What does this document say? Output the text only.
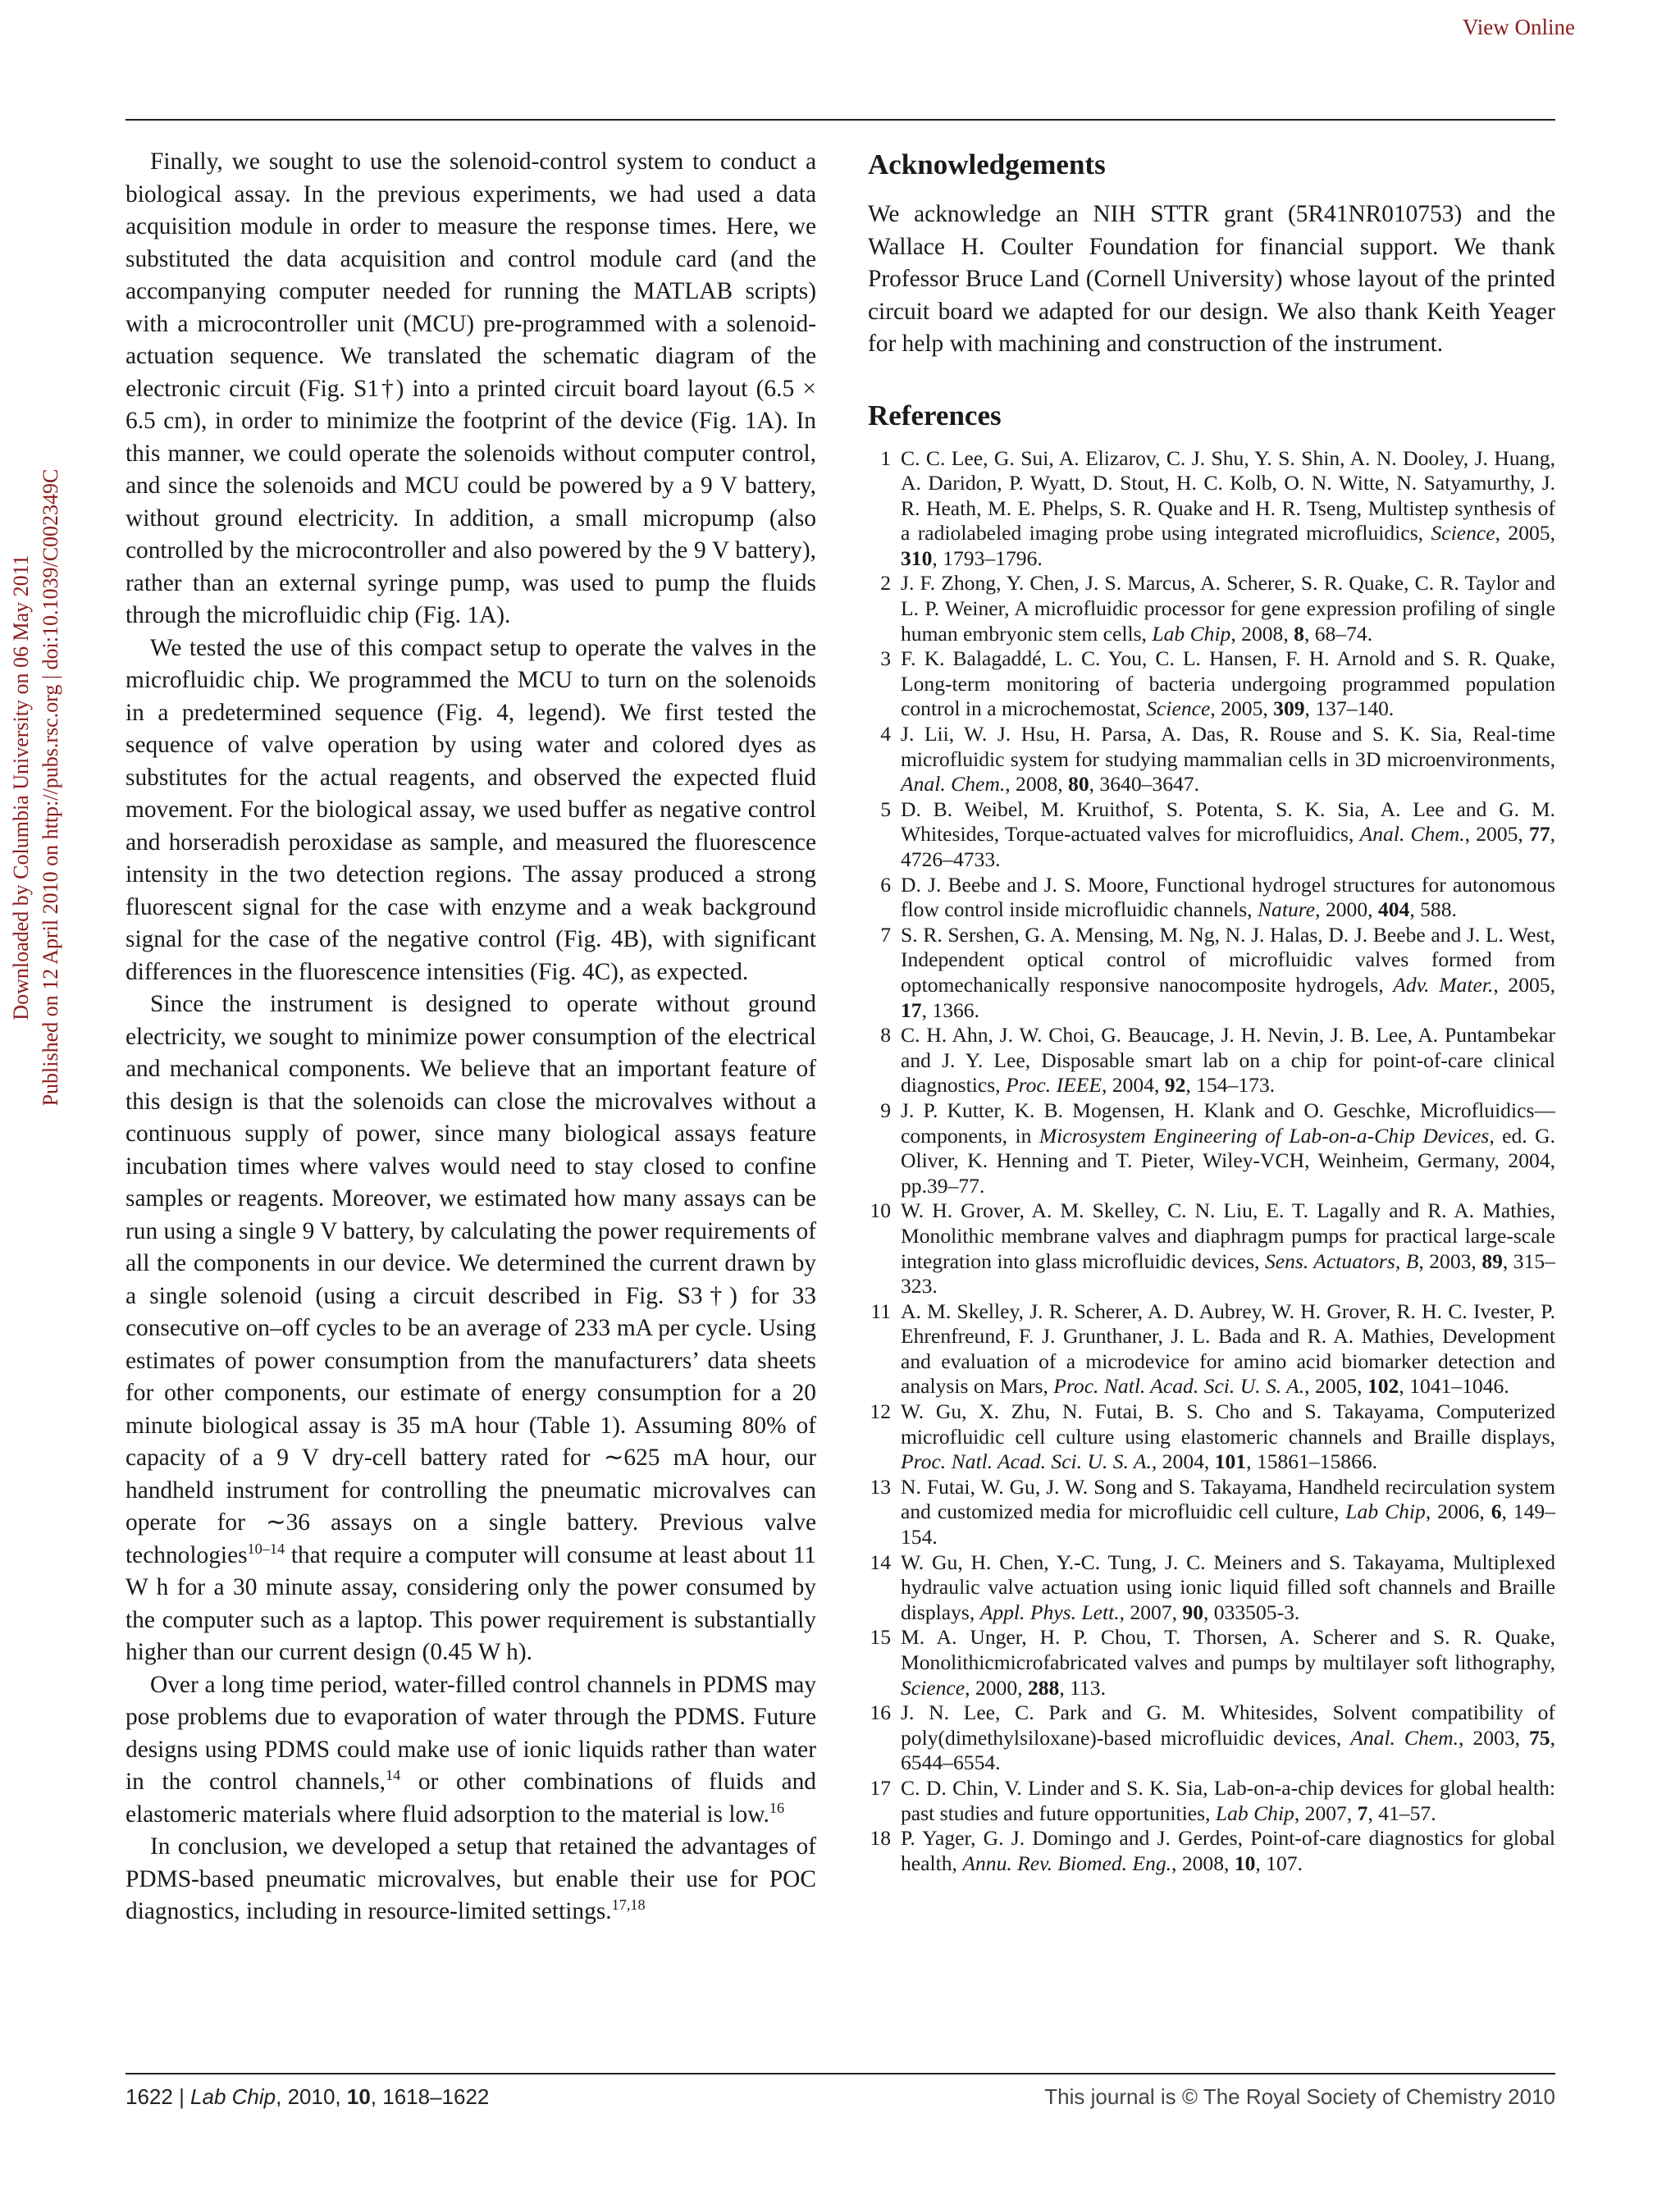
View Online
Downloaded by Columbia University on 06 May 2011 Published on 12 April 2010 on http://pubs.rsc.org | doi:10.1039/C002349C

Finally, we sought to use the solenoid-control system to conduct a biological assay. In the previous experiments, we had used a data acquisition module in order to measure the response times. Here, we substituted the data acquisition and control module card (and the accompanying computer needed for running the MATLAB scripts) with a microcontroller unit (MCU) pre-programmed with a solenoid-actuation sequence. We translated the schematic diagram of the electronic circuit (Fig. S1†) into a printed circuit board layout (6.5 × 6.5 cm), in order to minimize the footprint of the device (Fig. 1A). In this manner, we could operate the solenoids without computer control, and since the solenoids and MCU could be powered by a 9 V battery, without ground electricity. In addition, a small micropump (also controlled by the microcontroller and also powered by the 9 V battery), rather than an external syringe pump, was used to pump the fluids through the microfluidic chip (Fig. 1A).

We tested the use of this compact setup to operate the valves in the microfluidic chip. We programmed the MCU to turn on the solenoids in a predetermined sequence (Fig. 4, legend). We first tested the sequence of valve operation by using water and colored dyes as substitutes for the actual reagents, and observed the expected fluid movement. For the biological assay, we used buffer as negative control and horseradish peroxidase as sample, and measured the fluorescence intensity in the two detection regions. The assay produced a strong fluorescent signal for the case with enzyme and a weak background signal for the case of the negative control (Fig. 4B), with significant differences in the fluorescence intensities (Fig. 4C), as expected.

Since the instrument is designed to operate without ground electricity, we sought to minimize power consumption of the electrical and mechanical components. We believe that an important feature of this design is that the solenoids can close the microvalves without a continuous supply of power, since many biological assays feature incubation times where valves would need to stay closed to confine samples or reagents. Moreover, we estimated how many assays can be run using a single 9 V battery, by calculating the power requirements of all the components in our device. We determined the current drawn by a single solenoid (using a circuit described in Fig. S3†) for 33 consecutive on–off cycles to be an average of 233 mA per cycle. Using estimates of power consumption from the manufacturers’ data sheets for other components, our estimate of energy consumption for a 20 minute biological assay is 35 mA hour (Table 1). Assuming 80% of capacity of a 9 V dry-cell battery rated for ∼625 mA hour, our handheld instrument for controlling the pneumatic microvalves can operate for ∼36 assays on a single battery. Previous valve technologies$^{10-14}$ that require a computer will consume at least about 11 W h for a 30 minute assay, considering only the power consumed by the computer such as a laptop. This power requirement is substantially higher than our current design (0.45 W h).

Over a long time period, water-filled control channels in PDMS may pose problems due to evaporation of water through the PDMS. Future designs using PDMS could make use of ionic liquids rather than water in the control channels,$^{14}$ or other combinations of fluids and elastomeric materials where fluid adsorption to the material is low.$^{16}$

In conclusion, we developed a setup that retained the advantages of PDMS-based pneumatic microvalves, but enable their use for POC diagnostics, including in resource-limited settings.$^{17,18}$

Acknowledgements

We acknowledge an NIH STTR grant (5R41NR010753) and the Wallace H. Coulter Foundation for financial support. We thank Professor Bruce Land (Cornell University) whose layout of the printed circuit board we adapted for our design. We also thank Keith Yeager for help with machining and construction of the instrument.

References
1 C. C. Lee, G. Sui, A. Elizarov, C. J. Shu, Y. S. Shin, A. N. Dooley, J. Huang, A. Daridon, P. Wyatt, D. Stout, H. C. Kolb, O. N. Witte, N. Satyamurthy, J. R. Heath, M. E. Phelps, S. R. Quake and H. R. Tseng, Multistep synthesis of a radiolabeled imaging probe using integrated microfluidics, Science, 2005, 310, 1793–1796.
2 J. F. Zhong, Y. Chen, J. S. Marcus, A. Scherer, S. R. Quake, C. R. Taylor and L. P. Weiner, A microfluidic processor for gene expression profiling of single human embryonic stem cells, Lab Chip, 2008, 8, 68–74.
3 F. K. Balagaddé, L. C. You, C. L. Hansen, F. H. Arnold and S. R. Quake, Long-term monitoring of bacteria undergoing programmed population control in a microchemostat, Science, 2005, 309, 137–140.
4 J. Lii, W. J. Hsu, H. Parsa, A. Das, R. Rouse and S. K. Sia, Real-time microfluidic system for studying mammalian cells in 3D microenvironments, Anal. Chem., 2008, 80, 3640–3647.
5 D. B. Weibel, M. Kruithof, S. Potenta, S. K. Sia, A. Lee and G. M. Whitesides, Torque-actuated valves for microfluidics, Anal. Chem., 2005, 77, 4726–4733.
6 D. J. Beebe and J. S. Moore, Functional hydrogel structures for autonomous flow control inside microfluidic channels, Nature, 2000, 404, 588.
7 S. R. Sershen, G. A. Mensing, M. Ng, N. J. Halas, D. J. Beebe and J. L. West, Independent optical control of microfluidic valves formed from optomechanically responsive nanocomposite hydrogels, Adv. Mater., 2005, 17, 1366.
8 C. H. Ahn, J. W. Choi, G. Beaucage, J. H. Nevin, J. B. Lee, A. Puntambekar and J. Y. Lee, Disposable smart lab on a chip for point-of-care clinical diagnostics, Proc. IEEE, 2004, 92, 154–173.
9 J. P. Kutter, K. B. Mogensen, H. Klank and O. Geschke, Microfluidics—components, in Microsystem Engineering of Lab-on-a-Chip Devices, ed. G. Oliver, K. Henning and T. Pieter, Wiley-VCH, Weinheim, Germany, 2004, pp.39–77.
10 W. H. Grover, A. M. Skelley, C. N. Liu, E. T. Lagally and R. A. Mathies, Monolithic membrane valves and diaphragm pumps for practical large-scale integration into glass microfluidic devices, Sens. Actuators, B, 2003, 89, 315–323.
11 A. M. Skelley, J. R. Scherer, A. D. Aubrey, W. H. Grover, R. H. C. Ivester, P. Ehrenfreund, F. J. Grunthaner, J. L. Bada and R. A. Mathies, Development and evaluation of a microdevice for amino acid biomarker detection and analysis on Mars, Proc. Natl. Acad. Sci. U. S. A., 2005, 102, 1041–1046.
12 W. Gu, X. Zhu, N. Futai, B. S. Cho and S. Takayama, Computerized microfluidic cell culture using elastomeric channels and Braille displays, Proc. Natl. Acad. Sci. U. S. A., 2004, 101, 15861–15866.
13 N. Futai, W. Gu, J. W. Song and S. Takayama, Handheld recirculation system and customized media for microfluidic cell culture, Lab Chip, 2006, 6, 149–154.
14 W. Gu, H. Chen, Y.-C. Tung, J. C. Meiners and S. Takayama, Multiplexed hydraulic valve actuation using ionic liquid filled soft channels and Braille displays, Appl. Phys. Lett., 2007, 90, 033505-3.
15 M. A. Unger, H. P. Chou, T. Thorsen, A. Scherer and S. R. Quake, Monolithicmicrofabricated valves and pumps by multilayer soft lithography, Science, 2000, 288, 113.
16 J. N. Lee, C. Park and G. M. Whitesides, Solvent compatibility of poly(dimethylsiloxane)-based microfluidic devices, Anal. Chem., 2003, 75, 6544–6554.
17 C. D. Chin, V. Linder and S. K. Sia, Lab-on-a-chip devices for global health: past studies and future opportunities, Lab Chip, 2007, 7, 41–57.
18 P. Yager, G. J. Domingo and J. Gerdes, Point-of-care diagnostics for global health, Annu. Rev. Biomed. Eng., 2008, 10, 107.
1622 | Lab Chip, 2010, 10, 1618–1622	This journal is © The Royal Society of Chemistry 2010
